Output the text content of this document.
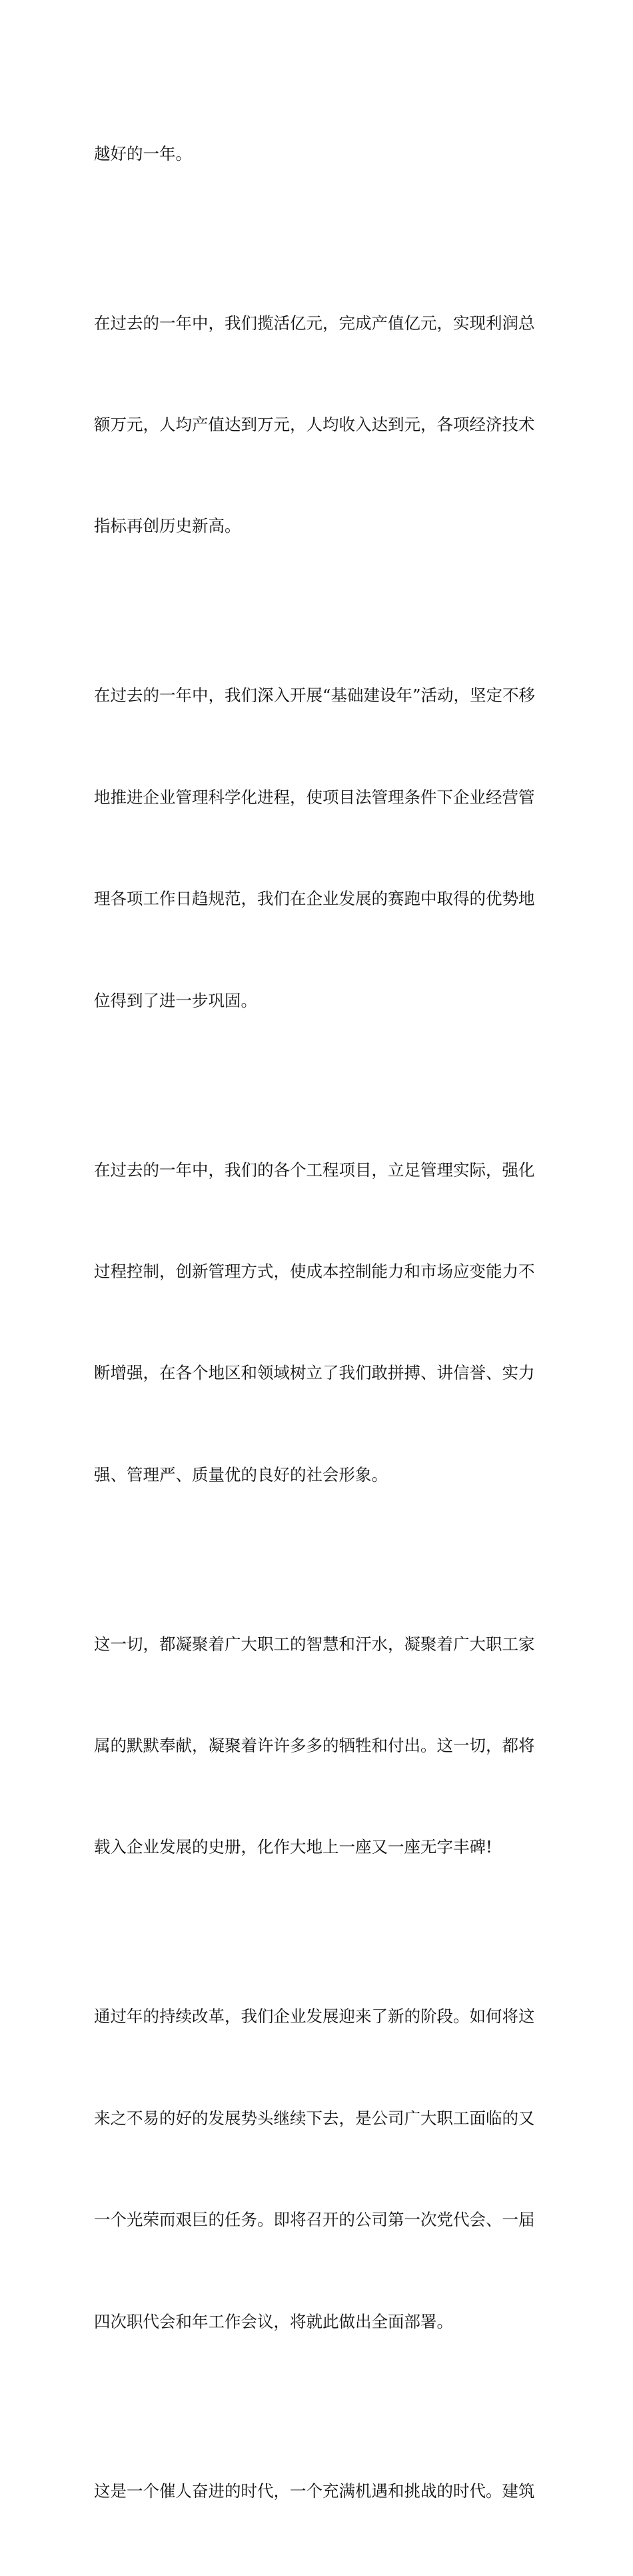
越好的一年。

在过去的一年中，我们揽活亿元，完成产值亿元，实现利润总

额万元，人均产值达到万元，人均收入达到元，各项经济技术

指标再创历史新高。

在过去的一年中，我们深入开展“基础建设年”活动，坚定不移

地推进企业管理科学化进程，使项目法管理条件下企业经营管

理各项工作日趋规范，我们在企业发展的赛跑中取得的优势地

位得到了进一步巩固。

在过去的一年中，我们的各个工程项目，立足管理实际，强化

过程控制，创新管理方式，使成本控制能力和市场应变能力不

断增强，在各个地区和领域树立了我们敢拼搏、讲信誉、实力

强、管理严、质量优的良好的社会形象。

这一切，都凝聚着广大职工的智慧和汗水，凝聚着广大职工家

属的默默奉献，凝聚着许许多多的牺牲和付出。这一切，都将

载入企业发展的史册，化作大地上一座又一座无字丰碑!

通过年的持续改革，我们企业发展迎来了新的阶段。如何将这

来之不易的好的发展势头继续下去，是公司广大职工面临的又

一个光荣而艰巨的任务。即将召开的公司第一次党代会、一届

四次职代会和年工作会议，将就此做出全面部署。

这是一个催人奋进的时代，一个充满机遇和挑战的时代。建筑
